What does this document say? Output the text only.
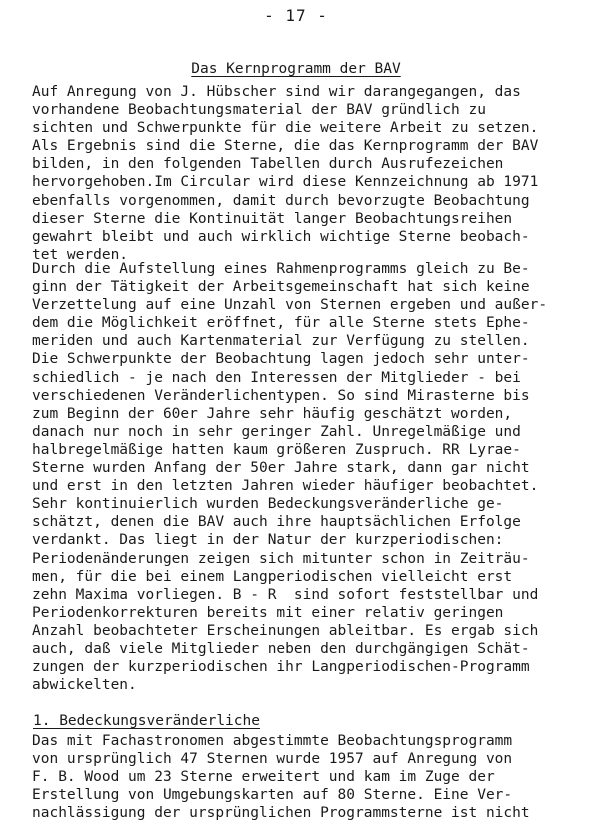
- 17 -
Das Kernprogramm der BAV
Auf Anregung von J. Hübscher sind wir darangegangen, das
vorhandene Beobachtungsmaterial der BAV gründlich zu
sichten und Schwerpunkte für die weitere Arbeit zu setzen.
Als Ergebnis sind die Sterne, die das Kernprogramm der BAV
bilden, in den folgenden Tabellen durch Ausrufezeichen
hervorgehoben.Im Circular wird diese Kennzeichnung ab 1971
ebenfalls vorgenommen, damit durch bevorzugte Beobachtung
dieser Sterne die Kontinuität langer Beobachtungsreihen
gewahrt bleibt und auch wirklich wichtige Sterne beobach-
tet werden.
Durch die Aufstellung eines Rahmenprogramms gleich zu Be-
ginn der Tätigkeit der Arbeitsgemeinschaft hat sich keine
Verzettelung auf eine Unzahl von Sternen ergeben und außer-
dem die Möglichkeit eröffnet, für alle Sterne stets Ephe-
meriden und auch Kartenmaterial zur Verfügung zu stellen.
Die Schwerpunkte der Beobachtung lagen jedoch sehr unter-
schiedlich - je nach den Interessen der Mitglieder - bei
verschiedenen Veränderlichentypen. So sind Mirasterne bis
zum Beginn der 60er Jahre sehr häufig geschätzt worden,
danach nur noch in sehr geringer Zahl. Unregelmäßige und
halbregelmäßige hatten kaum größeren Zuspruch. RR Lyrae-
Sterne wurden Anfang der 50er Jahre stark, dann gar nicht
und erst in den letzten Jahren wieder häufiger beobachtet.
Sehr kontinuierlich wurden Bedeckungsveränderliche ge-
schätzt, denen die BAV auch ihre hauptsächlichen Erfolge
verdankt. Das liegt in der Natur der kurzperiodischen:
Periodenänderungen zeigen sich mitunter schon in Zeiträu-
men, für die bei einem Langperiodischen vielleicht erst
zehn Maxima vorliegen. B - R  sind sofort feststellbar und
Periodenkorrekturen bereits mit einer relativ geringen
Anzahl beobachteter Erscheinungen ableitbar. Es ergab sich
auch, daß viele Mitglieder neben den durchgängigen Schät-
zungen der kurzperiodischen ihr Langperiodischen-Programm
abwickelten.
1. Bedeckungsveränderliche
Das mit Fachastronomen abgestimmte Beobachtungsprogramm
von ursprünglich 47 Sternen wurde 1957 auf Anregung von
F. B. Wood um 23 Sterne erweitert und kam im Zuge der
Erstellung von Umgebungskarten auf 80 Sterne. Eine Ver-
nachlässigung der ursprünglichen Programmsterne ist nicht
